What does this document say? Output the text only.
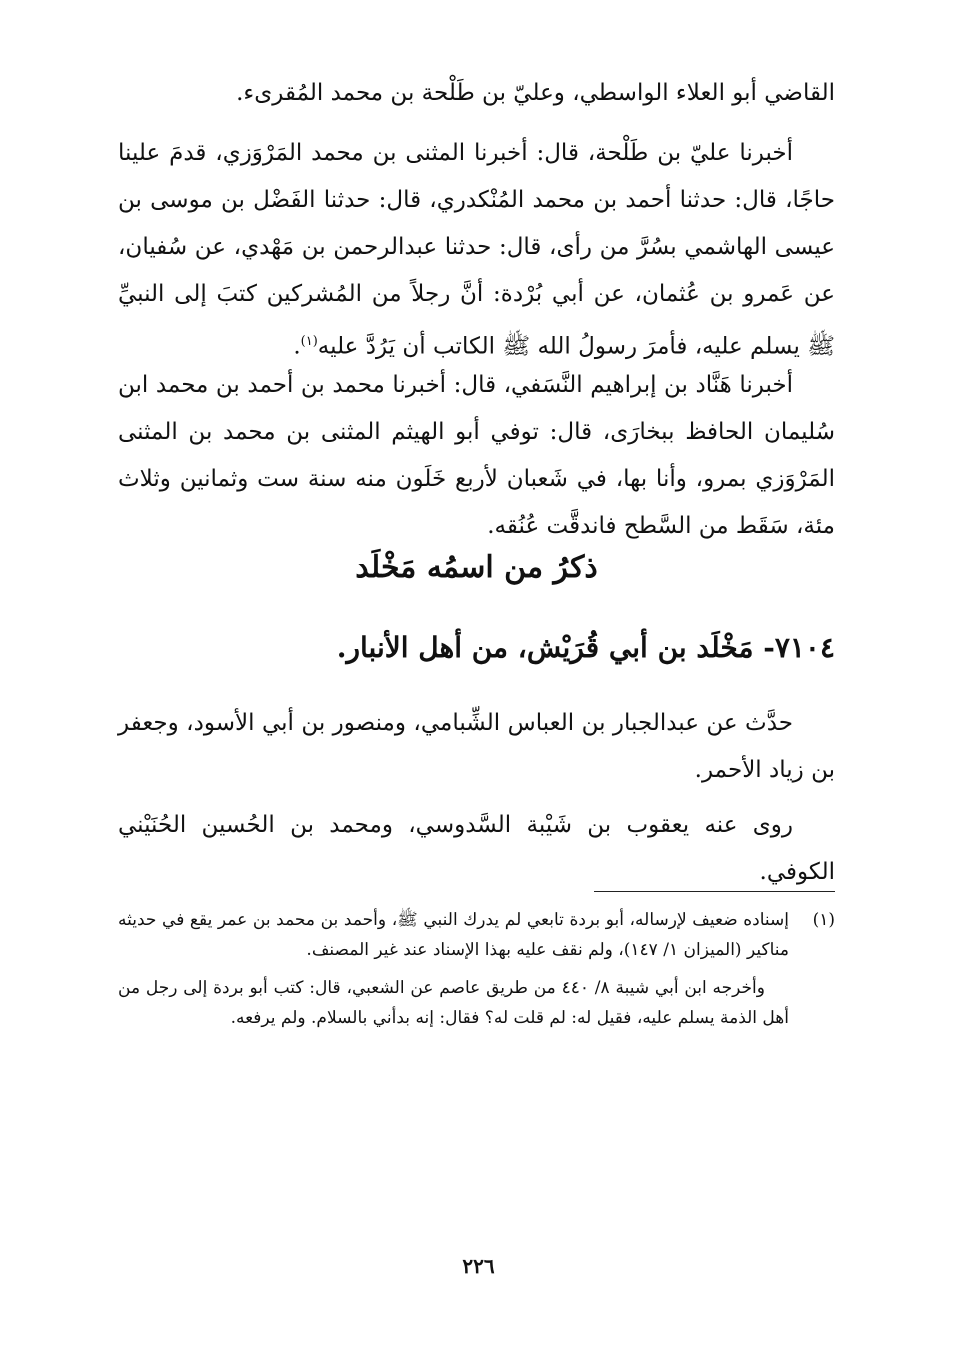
القاضي أبو العلاء الواسطي، وعليّ بن طَلْحة بن محمد المُقرىء.

أخبرنا عليّ بن طَلْحة، قال: أخبرنا المثنى بن محمد المَرْوَزي، قدمَ علينا حاجًا، قال: حدثنا أحمد بن محمد المُنْكدري، قال: حدثنا الفَضْل بن موسى بن عيسى الهاشمي بسُرَّ من رأى، قال: حدثنا عبدالرحمن بن مَهْدي، عن سُفيان، عن عَمرو بن عُثمان، عن أبي بُرْدة: أنَّ رجلاً من المُشركين كتبَ إلى النبيِّ ﷺ يسلم عليه، فأمرَ رسولُ الله ﷺ الكاتب أن يَرُدَّ عليه$^{(١)}$.

أخبرنا هَنَّاد بن إبراهيم النَّسَفي، قال: أخبرنا محمد بن أحمد بن محمد ابن سُليمان الحافظ ببخارَى، قال: توفي أبو الهيثم المثنى بن محمد بن المثنى المَرْوَزي بمرو، وأنا بها، في شَعبان لأربع خَلَون منه سنة ست وثمانين وثلاث مئة، سَقَط من السَّطح فاندقَّت عُنُقه.

ذكرُ من اسمُه مَخْلَد
٧١٠٤- مَخْلَد بن أبي قُرَيْش، من أهل الأنبار.

حدَّث عن عبدالجبار بن العباس الشِّبامي، ومنصور بن أبي الأسود، وجعفر بن زياد الأحمر.

روى عنه يعقوب بن شَيْبة السَّدوسي، ومحمد بن الحُسين الحُنَيْني الكوفي.

(١)
إسناده ضعيف لإرساله، أبو بردة تابعي لم يدرك النبي ﷺ، وأحمد بن محمد بن عمر يقع في حديثه مناكير (الميزان ١/ ١٤٧)، ولم نقف عليه بهذا الإسناد عند غير المصنف.

وأخرجه ابن أبي شيبة ٨/ ٤٤٠ من طريق عاصم عن الشعبي، قال: كتب أبو بردة إلى رجل من أهل الذمة يسلم عليه، فقيل له: لم قلت له؟ فقال: إنه بدأني بالسلام. ولم يرفعه.

٢٢٦
